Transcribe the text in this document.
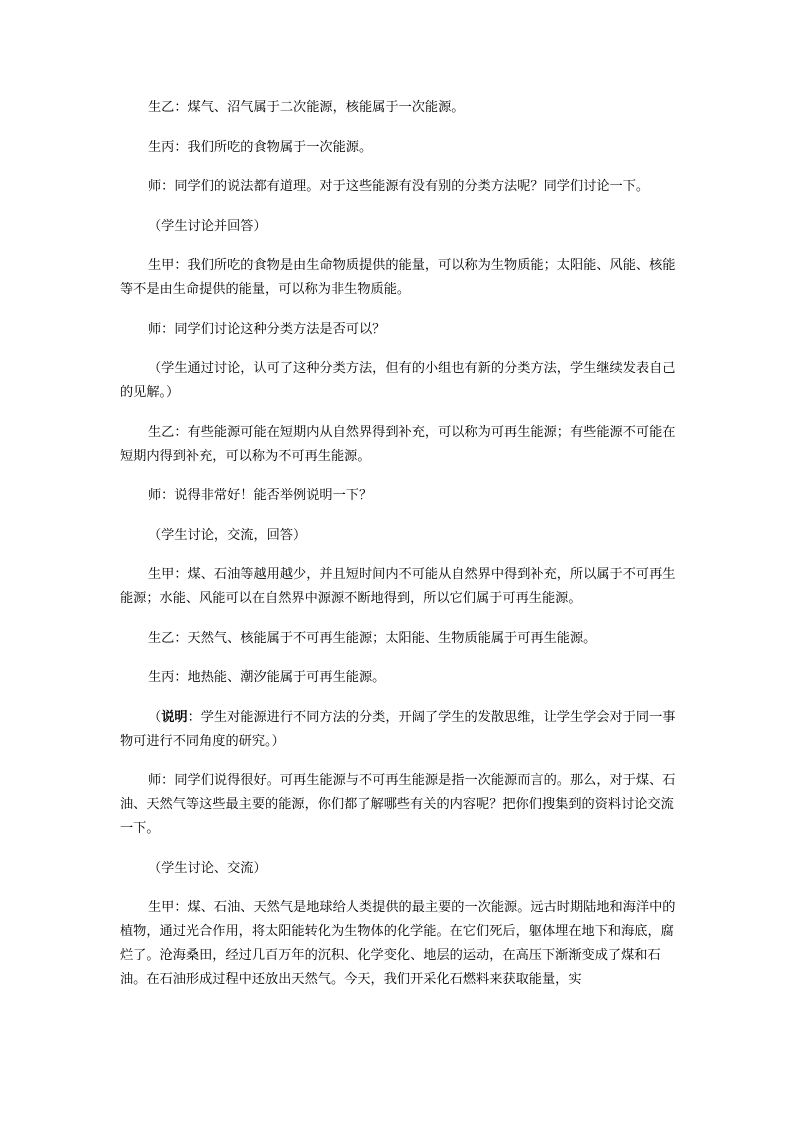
生乙：煤气、沼气属于二次能源，核能属于一次能源。

生丙：我们所吃的食物属于一次能源。

师：同学们的说法都有道理。对于这些能源有没有别的分类方法呢？同学们讨论一下。

（学生讨论并回答）

生甲：我们所吃的食物是由生命物质提供的能量，可以称为生物质能；太阳能、风能、核能等不是由生命提供的能量，可以称为非生物质能。

师：同学们讨论这种分类方法是否可以？

（学生通过讨论，认可了这种分类方法，但有的小组也有新的分类方法，学生继续发表自己的见解。）

生乙：有些能源可能在短期内从自然界得到补充，可以称为可再生能源；有些能源不可能在短期内得到补充，可以称为不可再生能源。

师：说得非常好！能否举例说明一下？

（学生讨论，交流，回答）

生甲：煤、石油等越用越少，并且短时间内不可能从自然界中得到补充，所以属于不可再生能源；水能、风能可以在自然界中源源不断地得到，所以它们属于可再生能源。

生乙：天然气、核能属于不可再生能源；太阳能、生物质能属于可再生能源。

生丙：地热能、潮汐能属于可再生能源。

（说明：学生对能源进行不同方法的分类，开阔了学生的发散思维，让学生学会对于同一事物可进行不同角度的研究。）

师：同学们说得很好。可再生能源与不可再生能源是指一次能源而言的。那么，对于煤、石油、天然气等这些最主要的能源，你们都了解哪些有关的内容呢？把你们搜集到的资料讨论交流一下。

（学生讨论、交流）

生甲：煤、石油、天然气是地球给人类提供的最主要的一次能源。远古时期陆地和海洋中的植物，通过光合作用，将太阳能转化为生物体的化学能。在它们死后，躯体埋在地下和海底，腐烂了。沧海桑田，经过几百万年的沉积、化学变化、地层的运动，在高压下渐渐变成了煤和石油。在石油形成过程中还放出天然气。今天，我们开采化石燃料来获取能量，实
